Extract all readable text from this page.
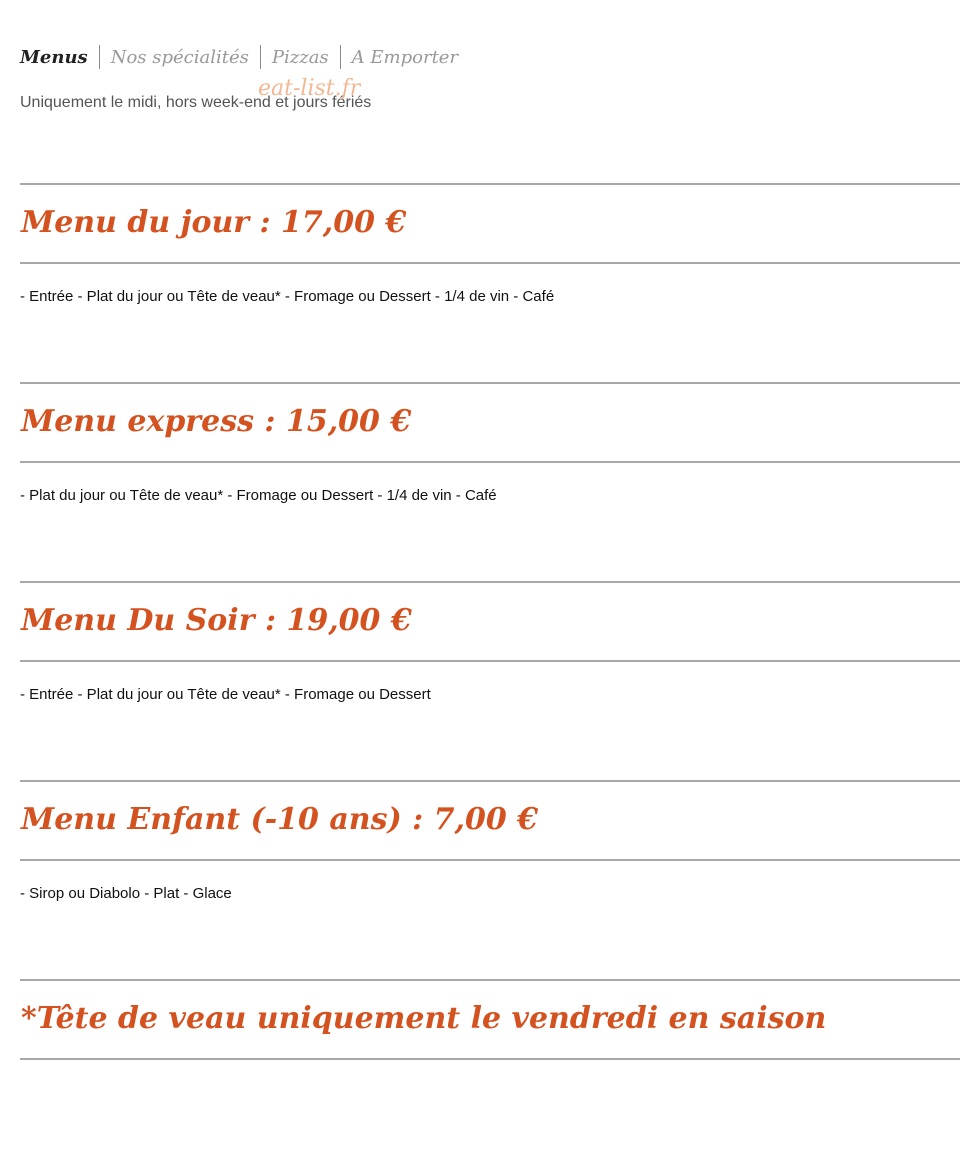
Menus Nos spécialités Pizzas A Emporter
Uniquement le midi, hors week-end et jours fériés
eat-list.fr
Menu du jour : 17,00 €

- Entrée - Plat du jour ou Tête de veau* - Fromage ou Dessert - 1/4 de vin - Café

Menu express : 15,00 €

- Plat du jour ou Tête de veau* - Fromage ou Dessert - 1/4 de vin - Café

Menu Du Soir : 19,00 €

- Entrée - Plat du jour ou Tête de veau* - Fromage ou Dessert

Menu Enfant (-10 ans) : 7,00 €

- Sirop ou Diabolo - Plat - Glace

*Tête de veau uniquement le vendredi en saison
